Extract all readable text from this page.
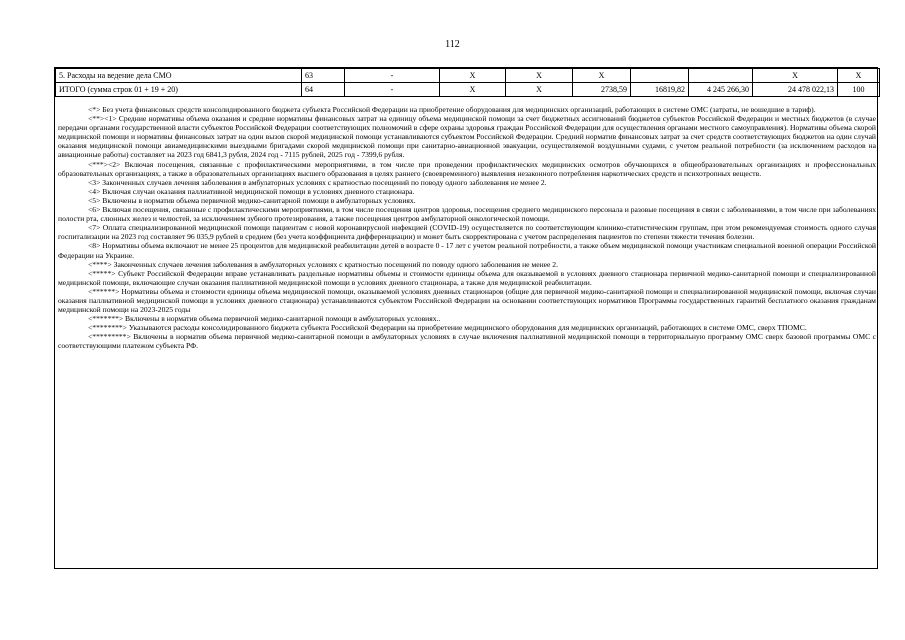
112
5. Расходы на ведение дела СМО	63	-	X	X	X			X	X
ИТОГО (сумма строк 01 + 19 + 20)	64	-	X	X	2738,59	16819,82	4 245 266,30	24 478 022,13	100

<*> Без учета финансовых средств консолидированного бюджета субъекта Российской Федерации на приобретение оборудования для медицинских организаций, работающих в системе ОМС (затраты, не вошедшие в тариф).

<**><1> Средние нормативы объема оказания и средние нормативы финансовых затрат на единицу объема медицинской помощи за счет бюджетных ассигнований бюджетов субъектов Российской Федерации и местных бюджетов (в случае передачи органами государственной власти субъектов Российской Федерации соответствующих полномочий в сфере охраны здоровья граждан Российской Федерации для осуществления органами местного самоуправления). Нормативы объема скорой медицинской помощи и нормативы финансовых затрат на один вызов скорой медицинской помощи устанавливаются субъектом Российской Федерации. Средний норматив финансовых затрат за счет средств соответствующих бюджетов на один случай оказания медицинской помощи авиамедицинскими выездными бригадами скорой медицинской помощи при санитарно-авиационной эвакуации, осуществляемой воздушными судами, с учетом реальной потребности (за исключением расходов на авиационные работы) составляет на 2023 год 6841,3 рубля, 2024 год - 7115 рублей, 2025 год - 7399,6 рубля.

<***><2> Включая посещения, связанные с профилактическими мероприятиями, в том числе при проведении профилактических медицинских осмотров обучающихся в общеобразовательных организациях и профессиональных образовательных организациях, а также в образовательных организациях высшего образования в целях раннего (своевременного) выявления незаконного потребления наркотических средств и психотропных веществ.

<3> Законченных случаев лечения заболевания в амбулаторных условиях с кратностью посещений по поводу одного заболевания не менее 2.

<4> Включая случаи оказания паллиативной медицинской помощи в условиях дневного стационара.

<5> Включены в норматив объема первичной медико-санитарной помощи в амбулаторных условиях.

<6> Включая посещения, связанные с профилактическими мероприятиями, в том числе посещения центров здоровья, посещения среднего медицинского персонала и разовые посещения в связи с заболеваниями, в том числе при заболеваниях полости рта, слюнных желез и челюстей, за исключением зубного протезирования, а также посещения центров амбулаторной онкологической помощи.

<7> Оплата специализированной медицинской помощи пациентам с новой коронавирусной инфекцией (COVID-19) осуществляется по соответствующим клинико-статистическим группам, при этом рекомендуемая стоимость одного случая госпитализации на 2023 год составляет 96 035,9 рублей в среднем (без учета коэффициента дифференциации) и может быть скорректирована с учетом распределения пациентов по степени тяжести течения болезни.

<8> Нормативы объема включают не менее 25 процентов для медицинской реабилитации детей в возрасте 0 - 17 лет с учетом реальной потребности, а также объем медицинской помощи участникам специальной военной операции Российской Федерации на Украине.

<****> Законченных случаев лечения заболевания в амбулаторных условиях с кратностью посещений по поводу одного заболевания не менее 2.

<*****> Субъект Российской Федерации вправе устанавливать раздельные нормативы объемы и стоимости единицы объема для оказываемой в условиях дневного стационара первичной медико-санитарной помощи и специализированной медицинской помощи, включающие случаи оказания паллиативной медицинской помощи в условиях дневного стационара, а также для медицинской реабилитации.

<******> Нормативы объема и стоимости единицы объема медицинской помощи, оказываемой условиях дневных стационаров (общие для первичной медико-санитарной помощи и специализированной медицинской помощи, включая случаи оказания паллиативной медицинской помощи в условиях дневного стационара) устанавливаются субъектом Российской Федерации на основании соответствующих нормативов Программы государственных гарантий бесплатного оказания гражданам медицинской помощи на 2023-2025 годы

<*******> Включены в норматив объема первичной медико-санитарной помощи в амбулаторных условиях..

<********> Указываются расходы консолидированного бюджета субъекта Российской Федерации на приобретение медицинского оборудования для медицинских организаций, работающих в системе ОМС, сверх ТПОМС.

<*********> Включены в норматив объема первичной медико-санитарной помощи в амбулаторных условиях в случае включения паллиативной медицинской помощи в территориальную программу ОМС сверх базовой программы ОМС с соответствующими платежом субъекта РФ.
